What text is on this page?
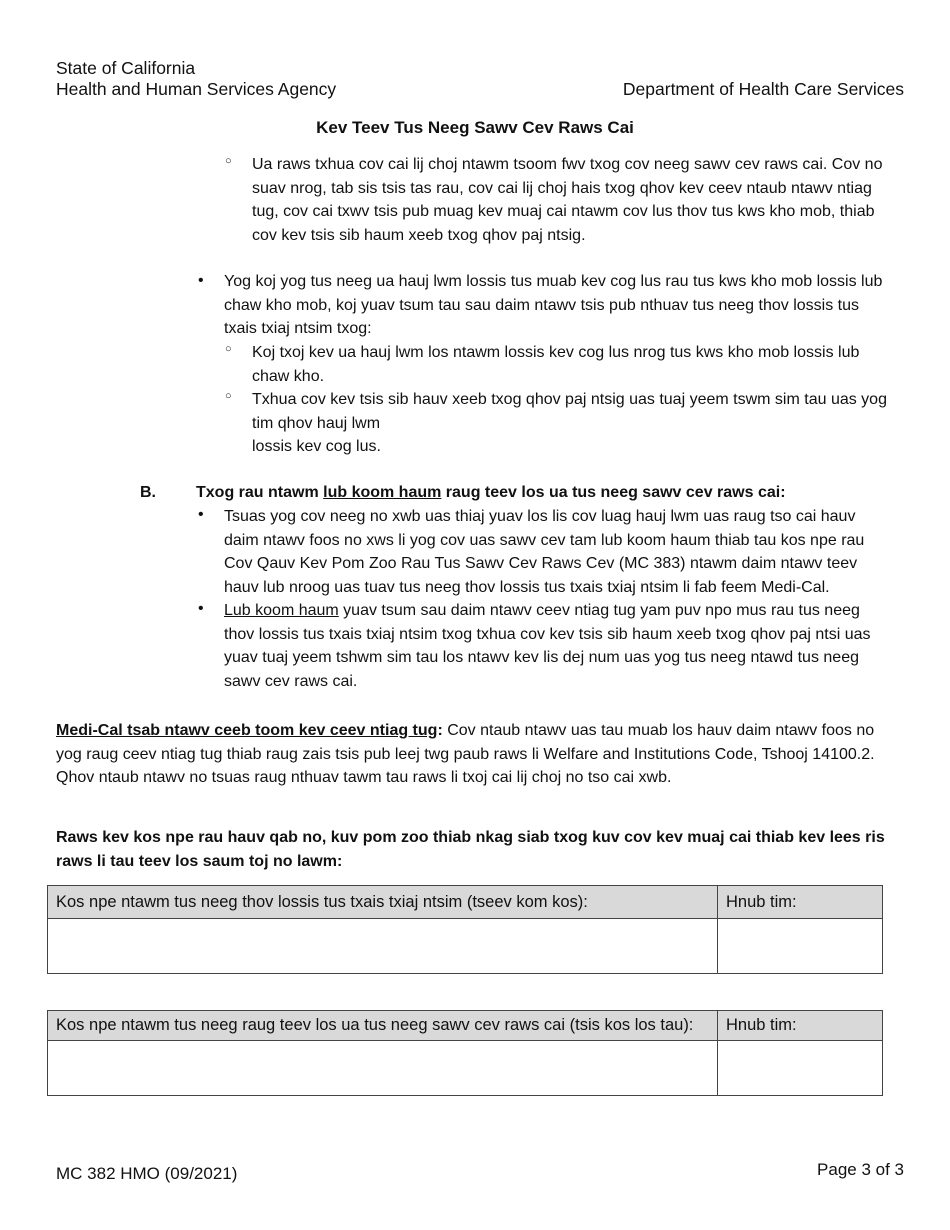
State of California
Health and Human Services Agency	Department of Health Care Services
Kev Teev Tus Neeg Sawv Cev Raws Cai
○ Ua raws txhua cov cai lij choj ntawm tsoom fwv txog cov neeg sawv cev raws cai. Cov no suav nrog, tab sis tsis tas rau, cov cai lij choj hais txog qhov kev ceev ntaub ntawv ntiag tug, cov cai txwv tsis pub muag kev muaj cai ntawm cov lus thov tus kws kho mob, thiab cov kev tsis sib haum xeeb txog qhov paj ntsig.
• Yog koj yog tus neeg ua hauj lwm lossis tus muab kev cog lus rau tus kws kho mob lossis lub chaw kho mob, koj yuav tsum tau sau daim ntawv tsis pub nthuav tus neeg thov lossis tus txais txiaj ntsim txog:
○ Koj txoj kev ua hauj lwm los ntawm lossis kev cog lus nrog tus kws kho mob lossis lub chaw kho.
○ Txhua cov kev tsis sib hauv xeeb txog qhov paj ntsig uas tuaj yeem tswm sim tau uas yog tim qhov hauj lwm
lossis kev cog lus.
B.	Txog rau ntawm lub koom haum raug teev los ua tus neeg sawv cev raws cai:
• Tsuas yog cov neeg no xwb uas thiaj yuav los lis cov luag hauj lwm uas raug tso cai hauv daim ntawv foos no xws li yog cov uas sawv cev tam lub koom haum thiab tau kos npe rau Cov Qauv Kev Pom Zoo Rau Tus Sawv Cev Raws Cev (MC 383) ntawm daim ntawv teev hauv lub nroog uas tuav tus neeg thov lossis tus txais txiaj ntsim li fab feem Medi-Cal.
• Lub koom haum yuav tsum sau daim ntawv ceev ntiag tug yam puv npo mus rau tus neeg thov lossis tus txais txiaj ntsim txog txhua cov kev tsis sib haum xeeb txog qhov paj ntsi uas yuav tuaj yeem tshwm sim tau los ntawv kev lis dej num uas yog tus neeg ntawd tus neeg sawv cev raws cai.
Medi-Cal tsab ntawv ceeb toom kev ceev ntiag tug: Cov ntaub ntawv uas tau muab los hauv daim ntawv foos no yog raug ceev ntiag tug thiab raug zais tsis pub leej twg paub raws li Welfare and Institutions Code, Tshooj 14100.2. Qhov ntaub ntawv no tsuas raug nthuav tawm tau raws li txoj cai lij choj no tso cai xwb.
Raws kev kos npe rau hauv qab no, kuv pom zoo thiab nkag siab txog kuv cov kev muaj cai thiab kev lees ris raws li tau teev los saum toj no lawm:
Kos npe ntawm tus neeg thov lossis tus txais txiaj ntsim (tseev kom kos):	Hnub tim:

Kos npe ntawm tus neeg raug teev los ua tus neeg sawv cev raws cai (tsis kos los tau):	Hnub tim:

MC 382 HMO (09/2021)	Page 3 of 3
